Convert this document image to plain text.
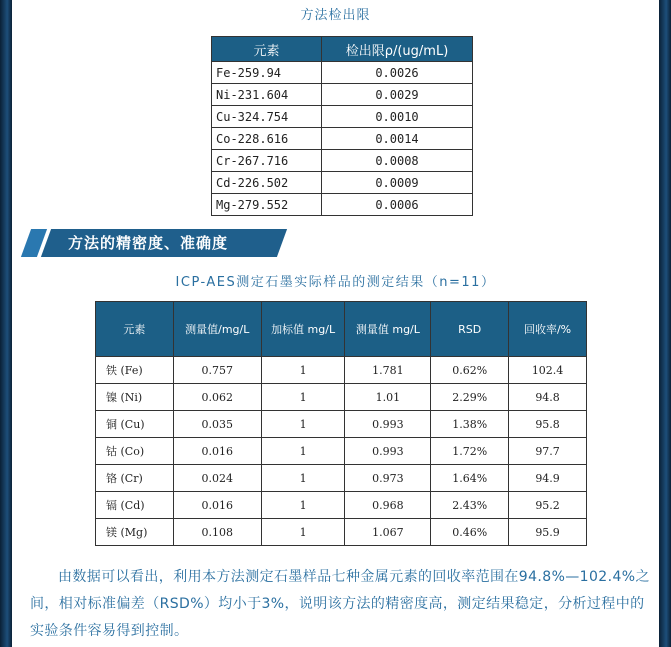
方法检出限
元素	检出限ρ/(ug/mL)
Fe-259.94	0.0026
Ni-231.604	0.0029
Cu-324.754	0.0010
Co-228.616	0.0014
Cr-267.716	0.0008
Cd-226.502	0.0009
Mg-279.552	0.0006
方法的精密度、准确度
ICP-AES测定石墨实际样品的测定结果（n=11）
元素	测量值/mg/L	加标值 mg/L	测量值 mg/L	RSD	回收率/%
铁 (Fe)	0.757	1	1.781	0.62%	102.4
镍 (Ni)	0.062	1	1.01	2.29%	94.8
铜 (Cu)	0.035	1	0.993	1.38%	95.8
钴 (Co)	0.016	1	0.993	1.72%	97.7
铬 (Cr)	0.024	1	0.973	1.64%	94.9
镉 (Cd)	0.016	1	0.968	2.43%	95.2
镁 (Mg)	0.108	1	1.067	0.46%	95.9
由数据可以看出，利用本方法测定石墨样品七种金属元素的回收率范围在94.8%—102.4%之间，相对标准偏差（RSD%）均小于3%，说明该方法的精密度高，测定结果稳定，分析过程中的实验条件容易得到控制。
